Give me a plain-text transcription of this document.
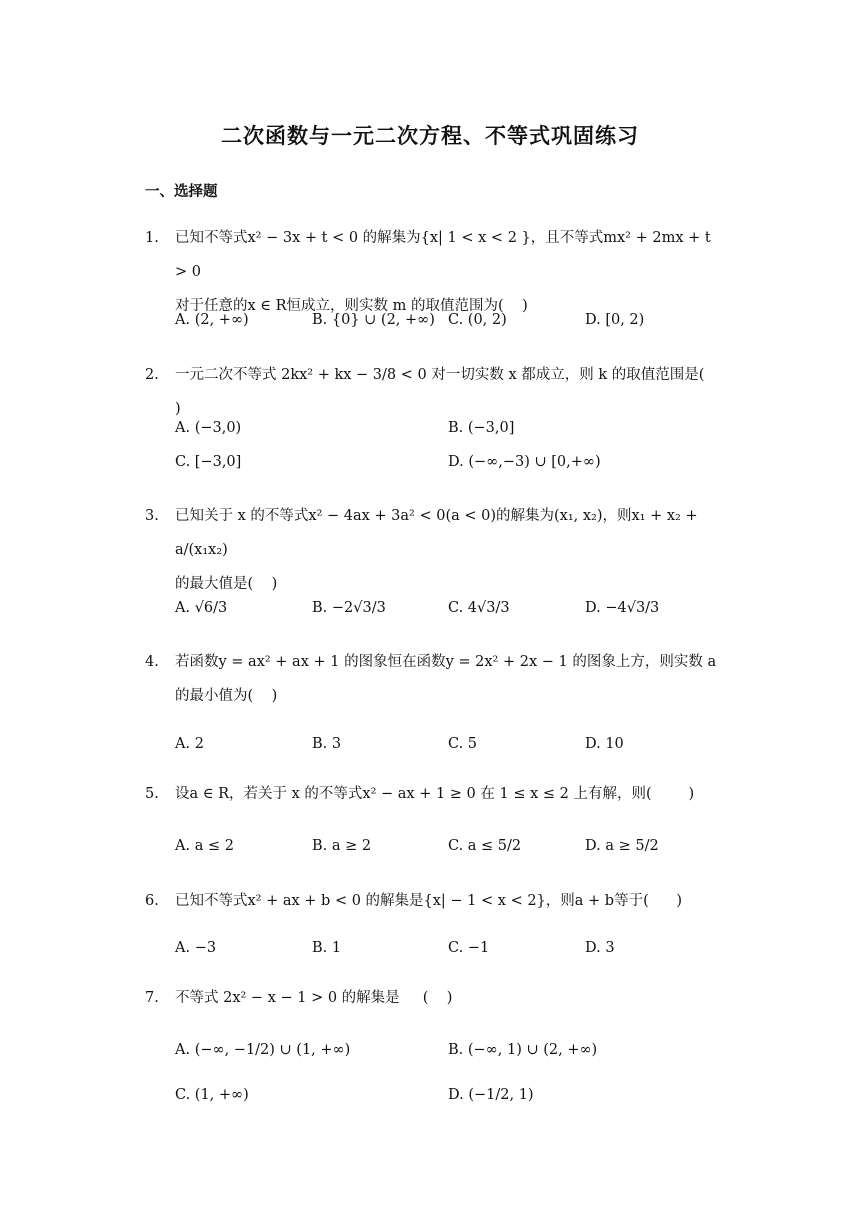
二次函数与一元二次方程、不等式巩固练习
一、选择题
1. 已知不等式x² − 3x + t < 0 的解集为{x| 1 < x < 2 }，且不等式mx² + 2mx + t > 0
对于任意的x ∈ R恒成立，则实数 m 的取值范围为(    )
A. (2, +∞)	B. {0} ∪ (2, +∞) C. (0, 2)	D. [0, 2)
2. 一元二次不等式 2kx² + kx − 3/8 < 0 对一切实数 x 都成立，则 k 的取值范围是(    )
A. (−3,0)	B. (−3,0]
C. [−3,0]	D. (−∞,−3) ∪ [0,+∞)
3. 已知关于 x 的不等式x² − 4ax + 3a² < 0(a < 0)的解集为(x₁, x₂)，则x₁ + x₂ + a/(x₁x₂)
的最大值是(    )
A. √6/3	B. −2√3/3	C. 4√3/3	D. −4√3/3
4. 若函数y = ax² + ax + 1 的图象恒在函数y = 2x² + 2x − 1 的图象上方，则实数 a
的最小值为(    )
A. 2	B. 3	C. 5	D. 10
5. 设a ∈ R，若关于 x 的不等式x² − ax + 1 ≥ 0 在 1 ≤ x ≤ 2 上有解，则(        )
A. a ≤ 2	B. a ≥ 2	C. a ≤ 5/2	D. a ≥ 5/2
6. 已知不等式x² + ax + b < 0 的解集是{x| − 1 < x < 2}，则a + b等于(      )
A. −3	B. 1	C. −1	D. 3
7. 不等式 2x² − x − 1 > 0 的解集是     (    )
A. (−∞, −1/2) ∪ (1, +∞)	B. (−∞, 1) ∪ (2, +∞)
C. (1, +∞)	D. (−1/2, 1)
